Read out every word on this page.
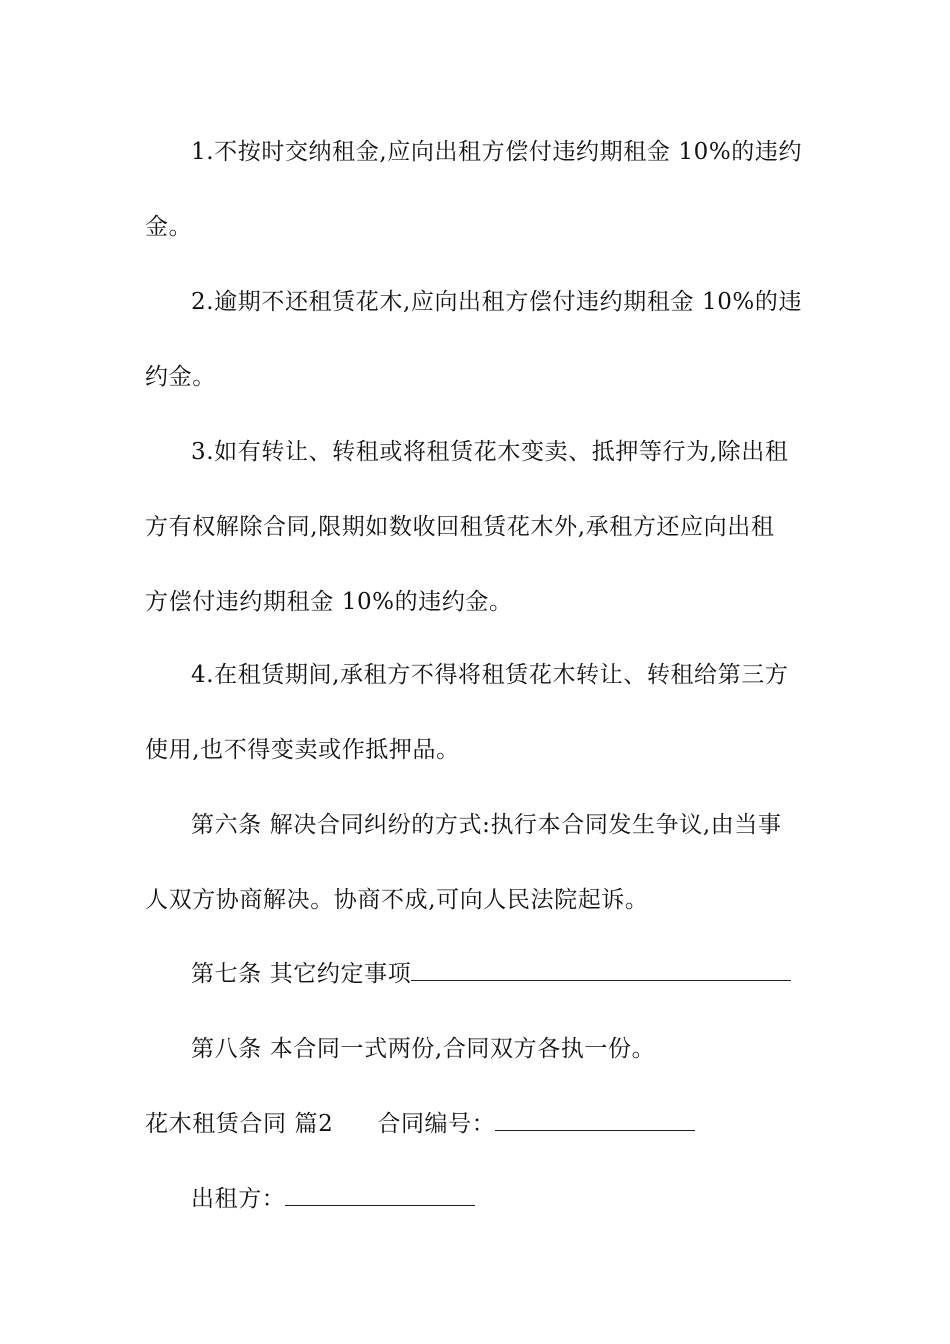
1.不按时交纳租金,应向出租方偿付违约期租金 10%的违约
金。
2.逾期不还租赁花木,应向出租方偿付违约期租金 10%的违
约金。
3.如有转让、转租或将租赁花木变卖、抵押等行为,除出租
方有权解除合同,限期如数收回租赁花木外,承租方还应向出租
方偿付违约期租金 10%的违约金。
4.在租赁期间,承租方不得将租赁花木转让、转租给第三方
使用,也不得变卖或作抵押品。
第六条 解决合同纠纷的方式:执行本合同发生争议,由当事
人双方协商解决。协商不成,可向人民法院起诉。
第七条 其它约定事项
第八条 本合同一式两份,合同双方各执一份。
花木租赁合同 篇2 合同编号：
出租方：
